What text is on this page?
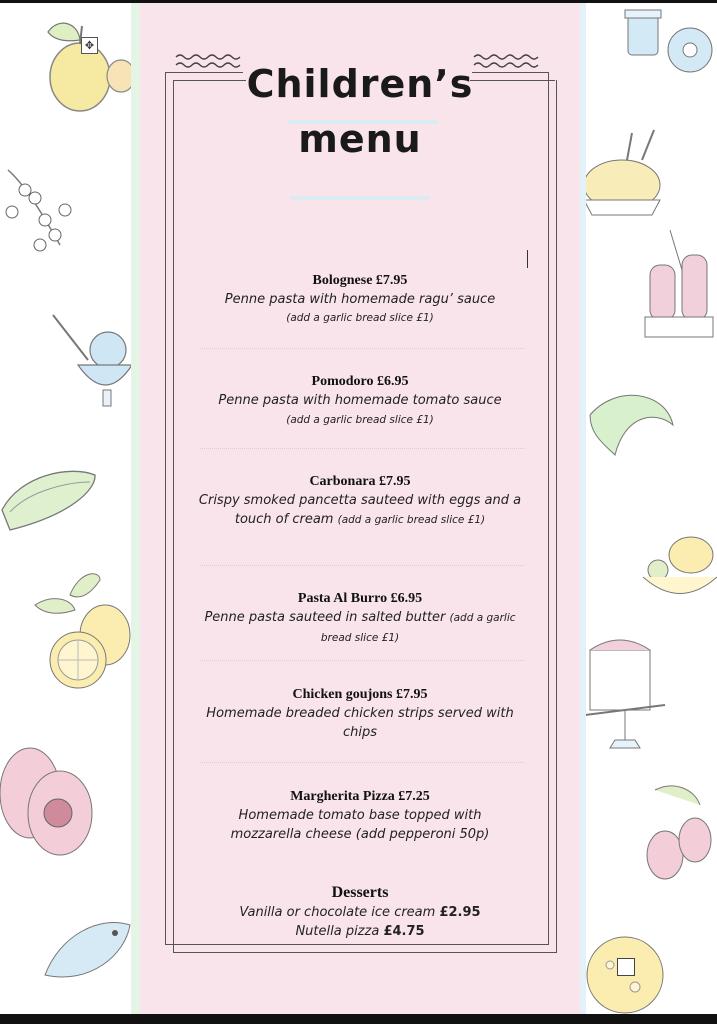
Children’s
menu
Bolognese £7.95
Penne pasta with homemade ragu’ sauce
(add a garlic bread slice £1)
Pomodoro £6.95
Penne pasta with homemade tomato sauce (add a garlic bread slice £1)
Carbonara £7.95
Crispy smoked pancetta sauteed with eggs and a touch of cream (add a garlic bread slice £1)
Pasta Al Burro £6.95
Penne pasta sauteed in salted butter (add a garlic bread slice £1)
Chicken goujons £7.95
Homemade breaded chicken strips served with chips
Margherita Pizza £7.25
Homemade tomato base topped with mozzarella cheese (add pepperoni 50p)
Desserts
Vanilla or chocolate ice cream £2.95
Nutella pizza £4.75
✥
